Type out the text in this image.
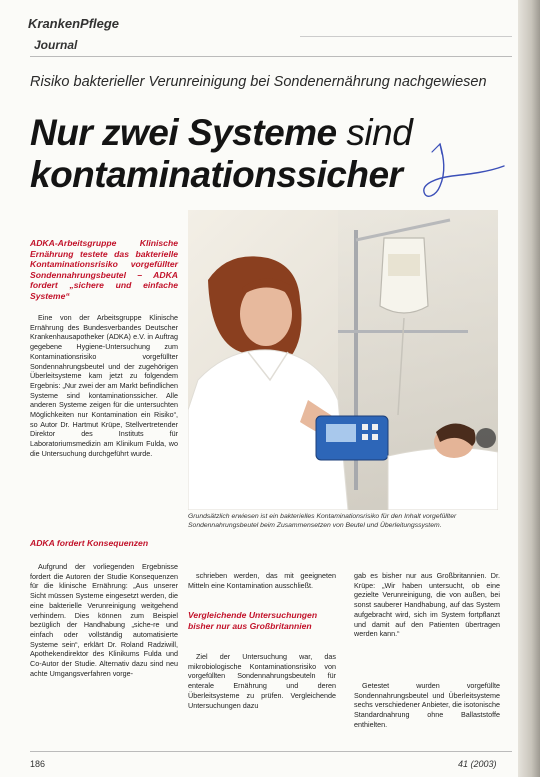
KrankenPflege
Journal
Risiko bakterieller Verunreinigung bei Sondenernährung nachgewiesen
Nur zwei Systeme sind
kontaminationssicher
ADKA-Arbeitsgruppe Klinische Ernährung testete das bakterielle Kontaminationsrisiko vorgefüllter Sondennahrungsbeutel – ADKA fordert „sichere und einfache Systeme“
Eine von der Arbeitsgruppe Klinische Ernährung des Bundesverbandes Deutscher Krankenhausapotheker (ADKA) e.V. in Auftrag gegebene Hygiene-Untersuchung zum Kontaminationsrisiko vorgefüllter Sondennahrungsbeutel und der zugehörigen Überleitsysteme kam jetzt zu folgendem Ergebnis: „Nur zwei der am Markt befindlichen Systeme sind kontaminationssicher. Alle anderen Systeme zeigen für die untersuchten Möglichkeiten nur Kontamination ein Risiko“, so Autor Dr. Hartmut Krüpe, Stellvertretender Direktor des Instituts für Laboratoriumsmedizin am Klinikum Fulda, wo die Untersuchung durchgeführt wurde.
ADKA fordert Konsequenzen
Aufgrund der vorliegenden Ergebnisse fordert die Autoren der Studie Konsequenzen für die klinische Ernährung: „Aus unserer Sicht müssen Systeme eingesetzt werden, die eine bakterielle Verunreinigung weitgehend verhindern. Dies können zum Beispiel bezüglich der Handhabung „siche-re und einfach oder vollständig automatisierte Systeme sein“, erklärt Dr. Roland Radziwill, Apothekendirektor des Klinikums Fulda und Co-Autor der Studie. Alternativ dazu sind neu achte Umgangsverfahren vorge-
Grundsätzlich erwiesen ist ein bakterielles Kontaminationsrisiko für den Inhalt vorgefüllter Sondennahrungsbeutel beim Zusammensetzen von Beutel und Überleitungssystem.
schrieben werden, das mit geeigneten Mitteln eine Kontamination ausschließt.
Vergleichende Untersuchungen bisher nur aus Großbritannien
Ziel der Untersuchung war, das mikrobiologische Kontaminationsrisiko von vorgefüllten Sondennahrungsbeuteln für enterale Ernährung und deren Überleitsysteme zu prüfen. Vergleichende Untersuchungen dazu
gab es bisher nur aus Großbritannien. Dr. Krüpe: „Wir haben untersucht, ob eine gezielte Verunreinigung, die von außen, bei sonst sauberer Handhabung, auf das System aufgebracht wird, sich im System fortpflanzt und damit auf den Patienten übertragen werden kann.“
Getestet wurden vorgefüllte Sondennahrungsbeutel und Überleitsysteme sechs verschiedener Anbieter, die isotonische Standardnahrung ohne Ballaststoffe enthielten.
186	41 (2003)
